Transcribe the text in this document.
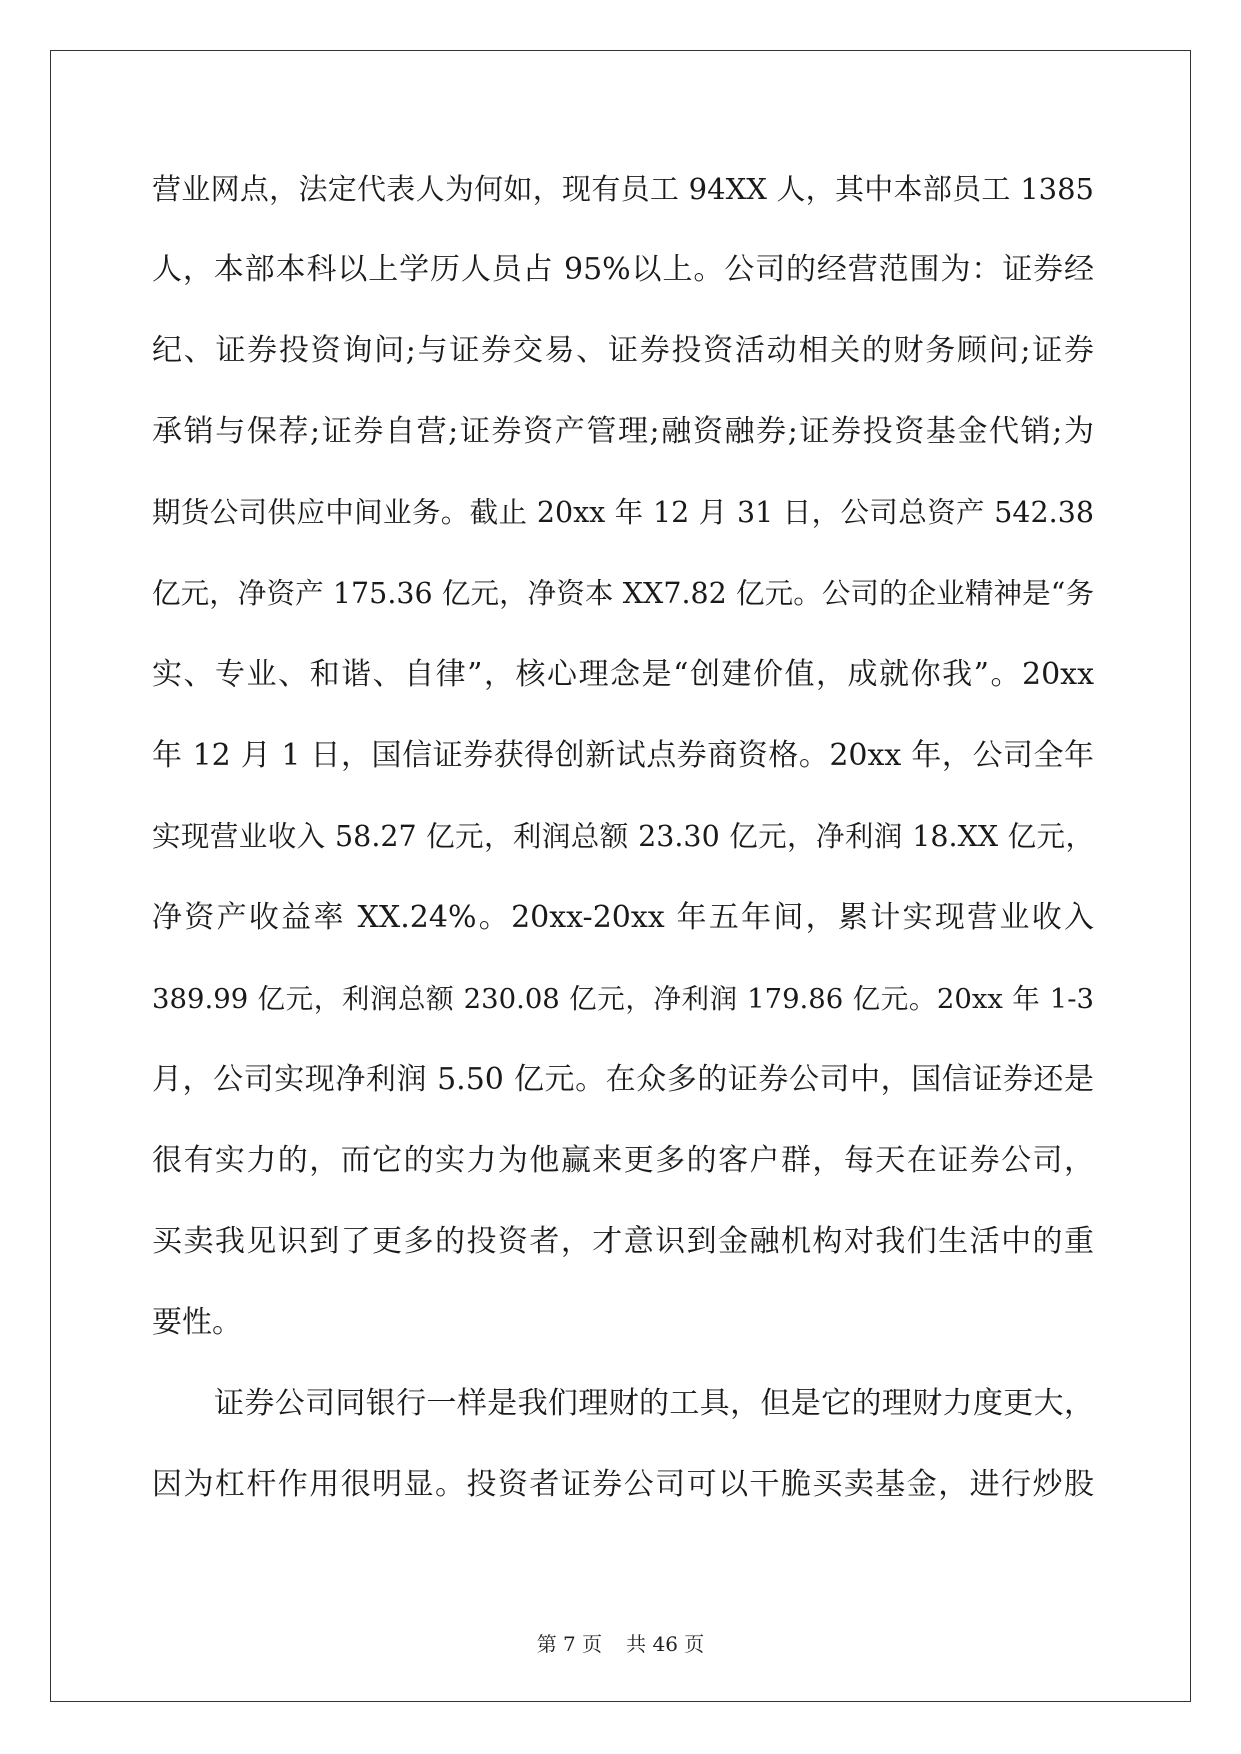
营业网点，法定代表人为何如，现有员工 94XX 人，其中本部员工 1385
人，本部本科以上学历人员占 95%以上。公司的经营范围为：证券经
纪、证券投资询问;与证券交易、证券投资活动相关的财务顾问;证券
承销与保荐;证券自营;证券资产管理;融资融券;证券投资基金代销;为
期货公司供应中间业务。截止 20xx 年 12 月 31 日，公司总资产 542.38
亿元，净资产 175.36 亿元，净资本 XX7.82 亿元。公司的企业精神是“务
实、专业、和谐、自律”，核心理念是“创建价值，成就你我”。20xx
年 12 月 1 日，国信证券获得创新试点券商资格。20xx 年，公司全年
实现营业收入 58.27 亿元，利润总额 23.30 亿元，净利润 18.XX 亿元，
净资产收益率 XX.24%。20xx-20xx 年五年间，累计实现营业收入
389.99 亿元，利润总额 230.08 亿元，净利润 179.86 亿元。20xx 年 1-3
月，公司实现净利润 5.50 亿元。在众多的证券公司中，国信证券还是
很有实力的，而它的实力为他赢来更多的客户群，每天在证券公司，
买卖我见识到了更多的投资者，才意识到金融机构对我们生活中的重
要性。
证券公司同银行一样是我们理财的工具，但是它的理财力度更大，
因为杠杆作用很明显。投资者证券公司可以干脆买卖基金，进行炒股
第 7 页 共 46 页
